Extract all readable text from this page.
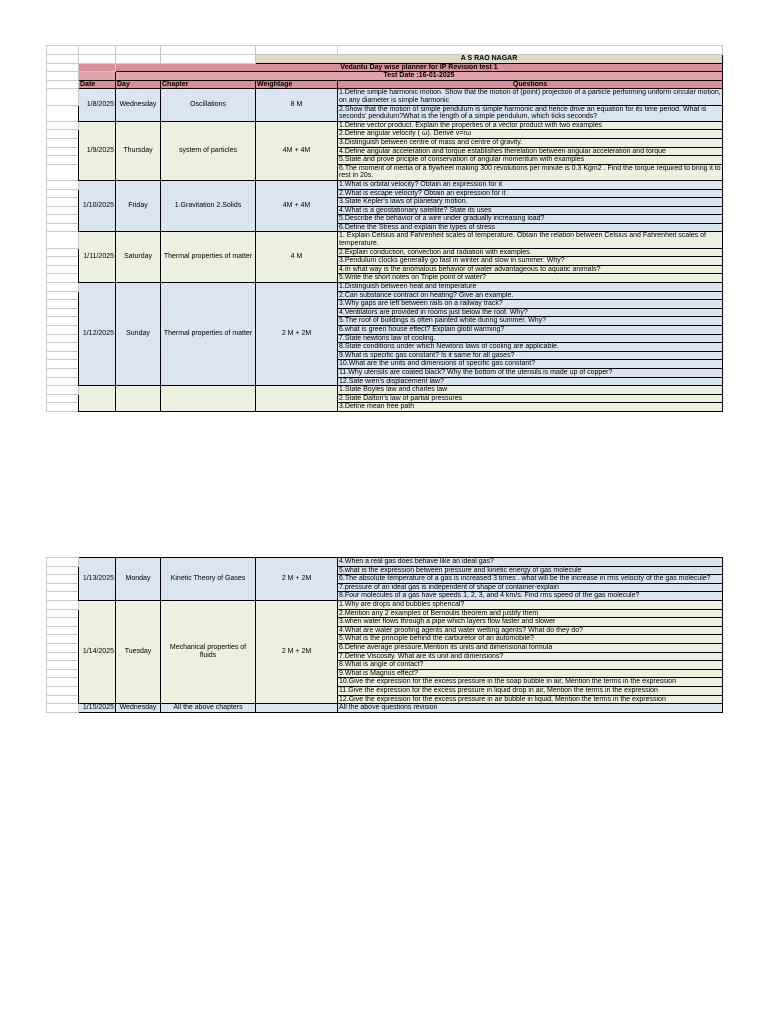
				A S RAO NAGAR	
		Vedantu Day wise planner for IP Revision test 1			
		Test Date :16-01-2025			
	Date	Day	Chapter	Weightage	Questions
	1/8/2025	Wednesday	Oscillations	8 M	1.Define simple harmonic motion. Show that the motion of (point) projection of a particle performing uniform circular motion, on any diameter is simple harmonic
					2.Show that the motion of simple pendulum is simple harmonic and hence drive an equation for its time period. What is seconds' pendulum?What is the length of a simple pendulum, which ticks seconds?
	1/9/2025	Thursday	system of particles	4M + 4M	1.Define vector product. Explain the properties of a vector product with two examples
					2.Define angular velocity ( ω). Derive v=rω
					3.Distinguish between centre of mass and centre of gravity.
					4.Define angular acceleration and torque establishes therelation between angular acceleration and torque
					5.State and prove priciple of conservation of angular momentum with examples
					6.The moment of inertia of a flywheel making 300 revolutions per minute is 0.3 Kgm2 . Find the torque required to bring it to rest in 20s.
	1/10/2025	Friday	1.Gravitation 2.Solids	4M + 4M	1.What is orbital velocity? Obtain an expression for it
					2.What is escape velocity? Obtain an expression for it
					3.State Kepler's laws of planetary motion.
					4.What is a geostationary satellite? State its uses
					5.Describe the behavior of a wire under gradually increasing load?
					6.Define the Stress and explain the types of stress
	1/11/2025	Saturday	Thermal properties of matter	4 M	1. Explain Celsius and Fahrenheit scales of temperature. Obtain the relation between Celsius and Fahrenheit scales of temperature.
					2.Explain conduction, convection and radiation with examples.
					3.Pendulum clocks generally go fast in winter and slow in summer. Why?
					4.In what way is the anomalous behavior of water advantageous to aquatic animals?
					5.Write the short notes on Triple point of water?
	1/12/2025	Sunday	Thermal properties of matter	2 M + 2M	1.Distinguish between heat and temperature
					2.Can substance contract on heating? Give an example.
					3.Why gaps are left between rails on a railway track?
					4.Ventilators are provided in rooms just below the roof. Why?
					5.The roof of buildings is often painted white during summer. Why?
					6.what is green house effect? Explain globl warming?
					7.State newtons law of cooling.
					8.State conditions under which Newtons laws of cooling are applicable.
					9.What is specific gas constant? Is it same for all gases?
					10.What are the units and dimensions of specific gas constant?
					11.Why utensils are coated black? Why the bottom of the utensils is made up of copper?
					12.Sate wien's displacement law?
					1.State Boyles law and charles law
					2.State Dalton's law of partial pressures
					3.Define mean free path
	1/13/2025	Monday	Kinetic Theory of Gases	2 M + 2M	4.When a real gas does behave like an ideal gas?
					5.what is the expression between pressure and kinetic energy of gas molecule
					6.The absolute temperature of a gas is increased 3 times . what will be the increase in rms velocity of the gas molecule?
					7.pressure of an ideal gas is independent of shape of container-explain
					8.Four molecules of a gas have speeds 1, 2, 3, and 4 km/s. Find rms speed of the gas molecule?
	1/14/2025	Tuesday	Mechanical properties of fluids	2 M + 2M	1.Why are drops and bubbles spherical?
					2.Mention any 2 examples of Bernoulis theorem and justify them
					3.when water flows through a pipe which layers flow faster and slower
					4.What are water proofing agents and water wetting agents? What do they do?
					5.What is the principle behind the carburetor of an automobile?
					6.Define average pressure.Mention its units and dimensional formula
					7.Define Viscosity. What are its unit and dimensions?
					8.What is angle of contact?
					9.What is Magnus effect?
					10.Give the expression for the excess pressure in the soap bubble in air, Mention the terms in the expression
					11.Give the expression for the excess pressure in liquid drop in air, Mention the terms in the expression
					12.Give the expression for the excess pressure in air bubble in liquid, Mention the terms in the expression
	1/15/2025	Wednesday	All the above chapters		All the above questions revision
